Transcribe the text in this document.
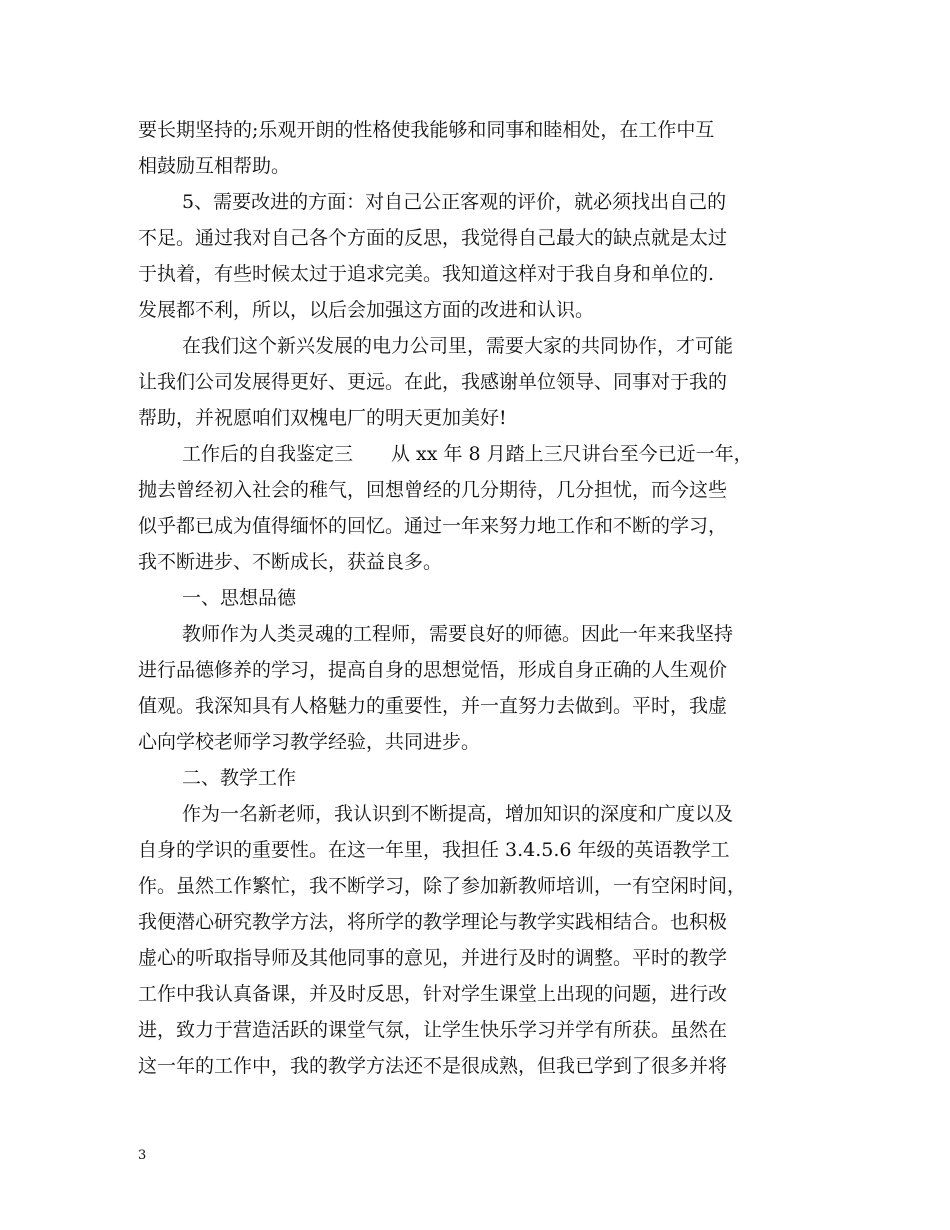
要长期坚持的;乐观开朗的性格使我能够和同事和睦相处，在工作中互
相鼓励互相帮助。
5、需要改进的方面：对自己公正客观的评价，就必须找出自己的
不足。通过我对自己各个方面的反思，我觉得自己最大的缺点就是太过
于执着，有些时候太过于追求完美。我知道这样对于我自身和单位的.
发展都不利，所以，以后会加强这方面的改进和认识。
在我们这个新兴发展的电力公司里，需要大家的共同协作，才可能
让我们公司发展得更好、更远。在此，我感谢单位领导、同事对于我的
帮助，并祝愿咱们双槐电厂的明天更加美好!
工作后的自我鉴定三　　从 xx 年 8 月踏上三尺讲台至今已近一年，
抛去曾经初入社会的稚气，回想曾经的几分期待，几分担忧，而今这些
似乎都已成为值得缅怀的回忆。通过一年来努力地工作和不断的学习，
我不断进步、不断成长，获益良多。
一、思想品德
教师作为人类灵魂的工程师，需要良好的师德。因此一年来我坚持
进行品德修养的学习，提高自身的思想觉悟，形成自身正确的人生观价
值观。我深知具有人格魅力的重要性，并一直努力去做到。平时，我虚
心向学校老师学习教学经验，共同进步。
二、教学工作
作为一名新老师，我认识到不断提高，增加知识的深度和广度以及
自身的学识的重要性。在这一年里，我担任 3.4.5.6 年级的英语教学工
作。虽然工作繁忙，我不断学习，除了参加新教师培训，一有空闲时间，
我便潜心研究教学方法，将所学的教学理论与教学实践相结合。也积极
虚心的听取指导师及其他同事的意见，并进行及时的调整。平时的教学
工作中我认真备课，并及时反思，针对学生课堂上出现的问题，进行改
进，致力于营造活跃的课堂气氛，让学生快乐学习并学有所获。虽然在
这一年的工作中，我的教学方法还不是很成熟，但我已学到了很多并将
3
